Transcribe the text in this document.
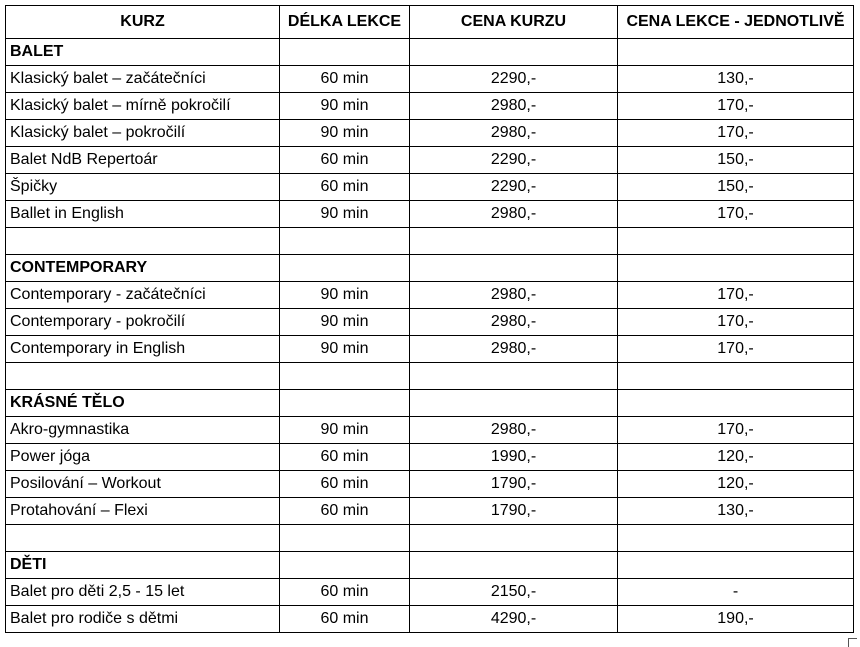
KURZ	DÉLKA LEKCE	CENA KURZU	CENA LEKCE - JEDNOTLIVĚ
BALET			
Klasický balet – začátečníci	60 min	2290,-	130,-
Klasický balet – mírně pokročilí	90 min	2980,-	170,-
Klasický balet – pokročilí	90 min	2980,-	170,-
Balet NdB Repertoár	60 min	2290,-	150,-
Špičky	60 min	2290,-	150,-
Ballet in English	90 min	2980,-	170,-

CONTEMPORARY			
Contemporary - začátečníci	90 min	2980,-	170,-
Contemporary - pokročilí	90 min	2980,-	170,-
Contemporary in English	90 min	2980,-	170,-

KRÁSNÉ TĚLO			
Akro-gymnastika	90 min	2980,-	170,-
Power jóga	60 min	1990,-	120,-
Posilování – Workout	60 min	1790,-	120,-
Protahování – Flexi	60 min	1790,-	130,-

DĚTI			
Balet pro děti 2,5 - 15 let	60 min	2150,-	-
Balet pro rodiče s dětmi	60 min	4290,-	190,-
